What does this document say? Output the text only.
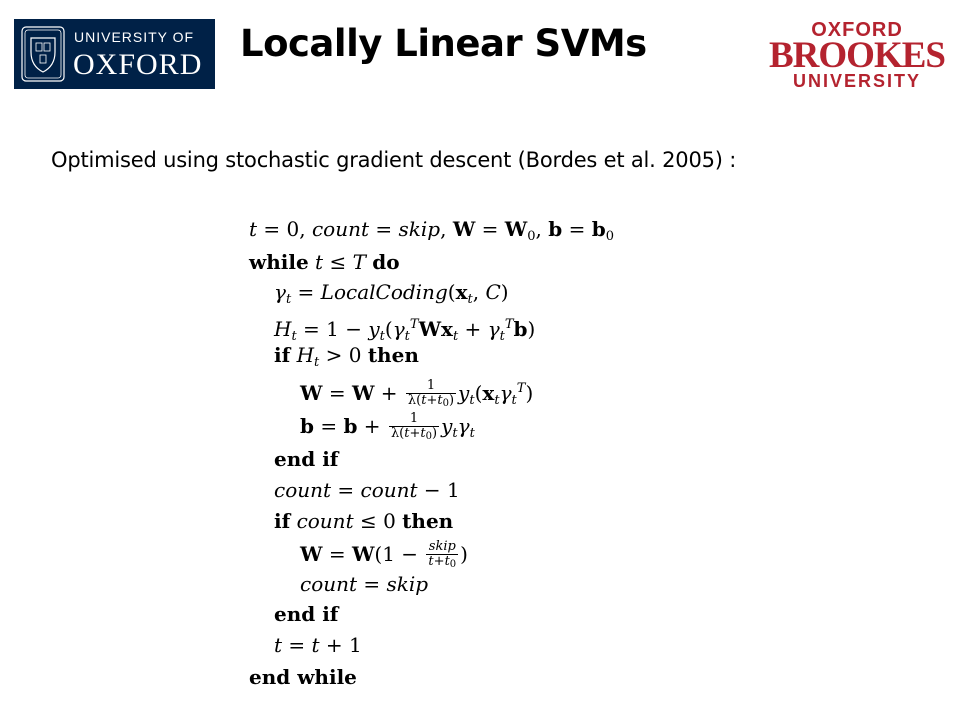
UNIVERSITY OF
OXFORD Locally Linear SVMs	OXFORD
BROOKES
UNIVERSITY
Optimised using stochastic gradient descent (Bordes et al. 2005) :
t = 0, count = skip, $W = W_0$, $b = b_0$
while t ≤ T do
$\gamma_t$ = $LocalCoding(x_t$, C)
$H_t = 1 - y_t(\gamma_t^TWx_t + \gamma_t^Tb)$
if $H_t > 0$ then
$W = W + \frac{1}{\lambda(t+t_0)} y_t(x_t\gamma_t^T)$
$b = b + \frac{1}{\lambda(t+t_0)} y_t\gamma_t$
end if
count = count − 1
if count ≤ 0 then
$W = W(1 - \frac{\text{skip}}{t+t_0}$ )
count = skip
end if
t = t + 1
end while
